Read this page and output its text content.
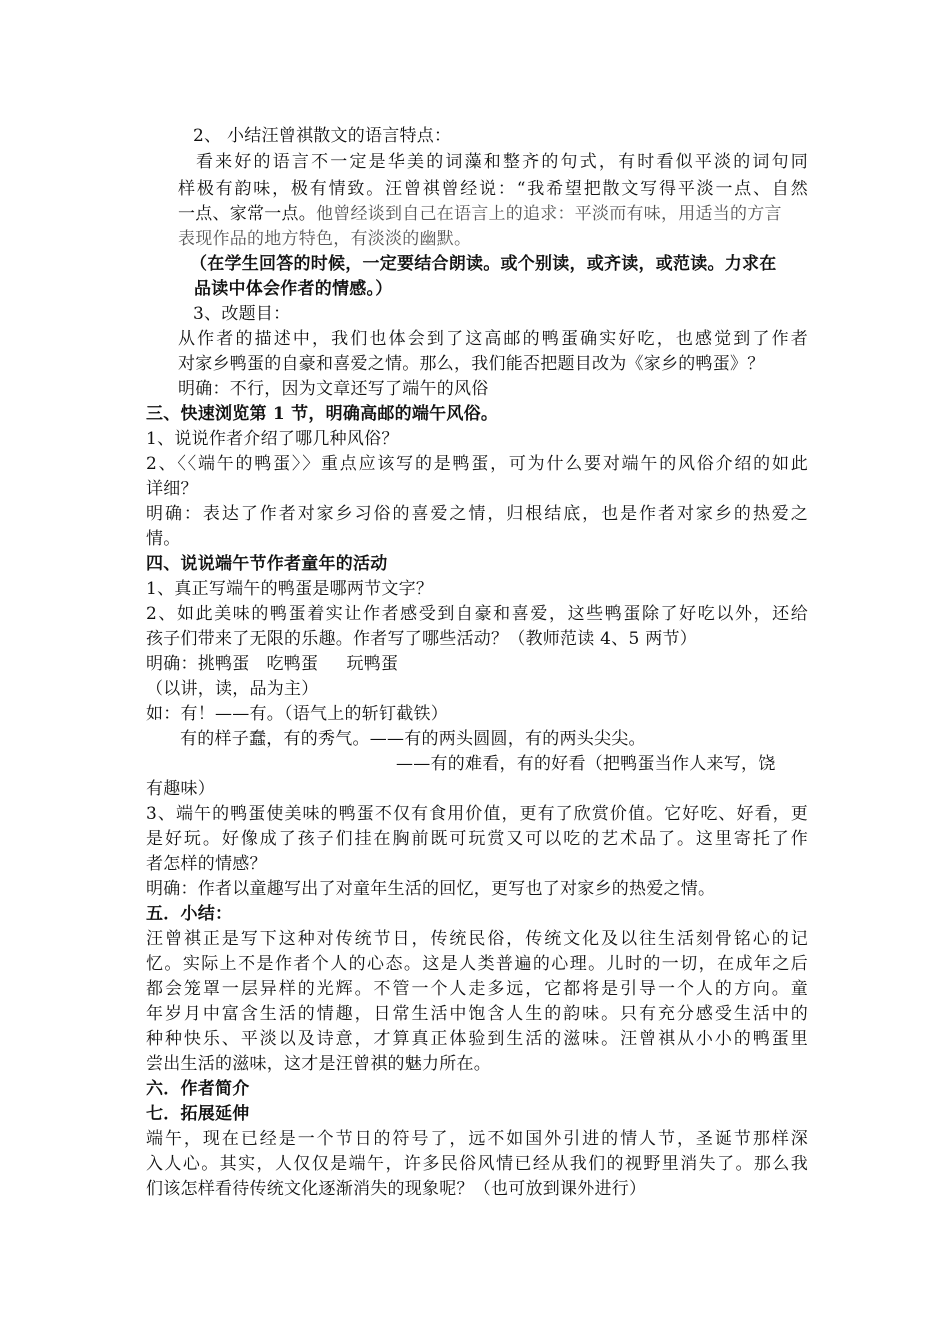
2、 小结汪曾祺散文的语言特点：

看来好的语言不一定是华美的词藻和整齐的句式，有时看似平淡的词句同

样极有韵味，极有情致。汪曾祺曾经说：“我希望把散文写得平淡一点、自然

一点、家常一点。他曾经谈到自己在语言上的追求：平淡而有味，用适当的方言

表现作品的地方特色，有淡淡的幽默。

（在学生回答的时候，一定要结合朗读。或个别读，或齐读，或范读。力求在

品读中体会作者的情感。）

3、改题目：

从作者的描述中，我们也体会到了这高邮的鸭蛋确实好吃，也感觉到了作者

对家乡鸭蛋的自豪和喜爱之情。那么，我们能否把题目改为《家乡的鸭蛋》？

明确：不行，因为文章还写了端午的风俗

三、快速浏览第 1 节，明确高邮的端午风俗。

1、说说作者介绍了哪几种风俗？

2、〈〈端午的鸭蛋〉〉重点应该写的是鸭蛋，可为什么要对端午的风俗介绍的如此

详细？

明确：表达了作者对家乡习俗的喜爱之情，归根结底，也是作者对家乡的热爱之

情。

四、说说端午节作者童年的活动

1、真正写端午的鸭蛋是哪两节文字？

2、如此美味的鸭蛋着实让作者感受到自豪和喜爱，这些鸭蛋除了好吃以外，还给

孩子们带来了无限的乐趣。作者写了哪些活动？（教师范读 4、5 两节）

明确：挑鸭蛋   吃鸭蛋     玩鸭蛋

（以讲，读，品为主）

如：有！——有。（语气上的斩钉截铁）

有的样子蠢，有的秀气。——有的两头圆圆，有的两头尖尖。

——有的难看，有的好看（把鸭蛋当作人来写，饶

有趣味）

3、端午的鸭蛋使美味的鸭蛋不仅有食用价值，更有了欣赏价值。它好吃、好看，更

是好玩。好像成了孩子们挂在胸前既可玩赏又可以吃的艺术品了。这里寄托了作

者怎样的情感？

明确：作者以童趣写出了对童年生活的回忆，更写也了对家乡的热爱之情。

五．小结：

汪曾祺正是写下这种对传统节日，传统民俗，传统文化及以往生活刻骨铭心的记

忆。实际上不是作者个人的心态。这是人类普遍的心理。儿时的一切，在成年之后

都会笼罩一层异样的光辉。不管一个人走多远，它都将是引导一个人的方向。童

年岁月中富含生活的情趣，日常生活中饱含人生的韵味。只有充分感受生活中的

种种快乐、平淡以及诗意，才算真正体验到生活的滋味。汪曾祺从小小的鸭蛋里

尝出生活的滋味，这才是汪曾祺的魅力所在。

六．作者简介

七．拓展延伸

端午，现在已经是一个节日的符号了，远不如国外引进的情人节，圣诞节那样深

入人心。其实，人仅仅是端午，许多民俗风情已经从我们的视野里消失了。那么我

们该怎样看待传统文化逐渐消失的现象呢？（也可放到课外进行）
